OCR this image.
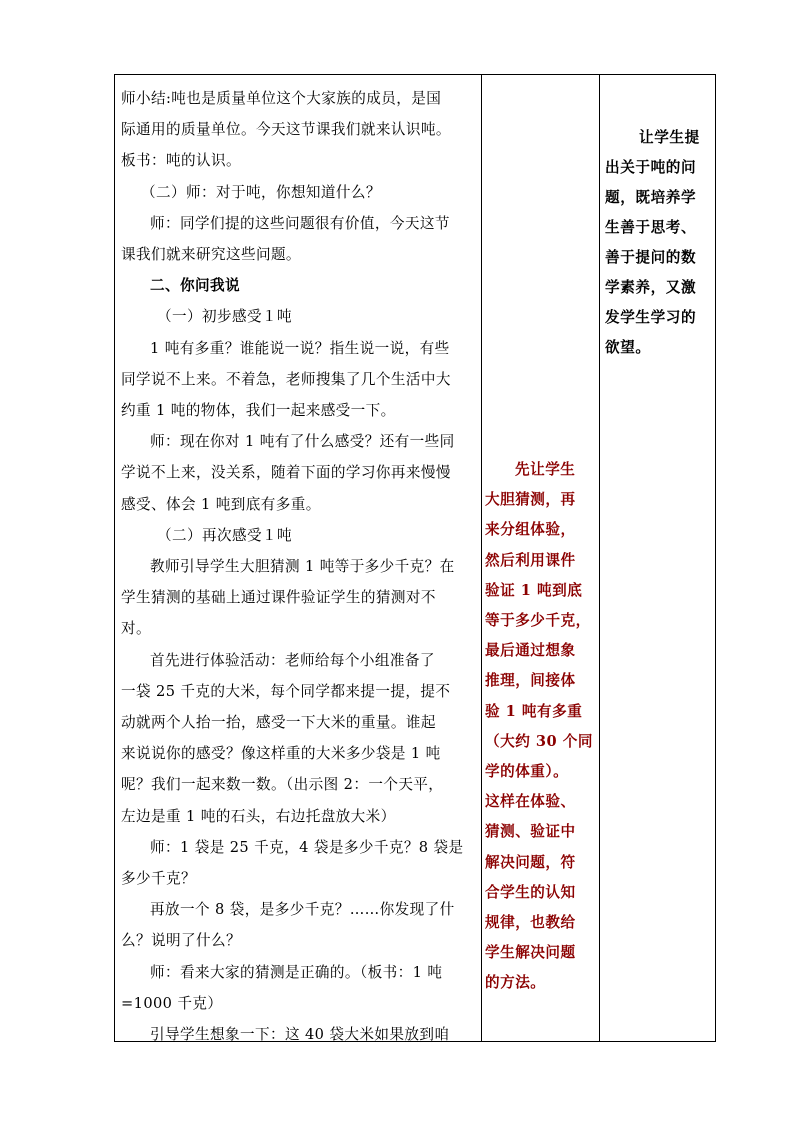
师小结:吨也是质量单位这个大家族的成员，是国

际通用的质量单位。今天这节课我们就来认识吨。

板书：吨的认识。

（二）师：对于吨，你想知道什么？

师：同学们提的这些问题很有价值，今天这节

课我们就来研究这些问题。

二、你问我说

（一）初步感受１吨

1 吨有多重？谁能说一说？指生说一说，有些

同学说不上来。不着急，老师搜集了几个生活中大

约重 1 吨的物体，我们一起来感受一下。

师：现在你对 1 吨有了什么感受？还有一些同

学说不上来，没关系，随着下面的学习你再来慢慢

感受、体会 1 吨到底有多重。

（二）再次感受１吨

教师引导学生大胆猜测 1 吨等于多少千克？在

学生猜测的基础上通过课件验证学生的猜测对不

对。

首先进行体验活动：老师给每个小组准备了

一袋 25 千克的大米，每个同学都来提一提，提不

动就两个人抬一抬，感受一下大米的重量。谁起

来说说你的感受？像这样重的大米多少袋是 1 吨

呢？我们一起来数一数。（出示图 2：一个天平，

左边是重 1 吨的石头，右边托盘放大米）

师：1 袋是 25 千克，4 袋是多少千克？8 袋是

多少千克？

再放一个 8 袋，是多少千克？……你发现了什

么？说明了什么？

师：看来大家的猜测是正确的。（板书：1 吨

=1000 千克）

引导学生想象一下：这 40 袋大米如果放到咱

先让学生
大胆猜测，再
来分组体验，
然后利用课件
验证 1 吨到底
等于多少千克，
最后通过想象
推理，间接体
验 1 吨有多重
（大约 30 个同
学的体重）。
这样在体验、
猜测、验证中
解决问题，符
合学生的认知
规律，也教给
学生解决问题
的方法。
让学生提
出关于吨的问
题，既培养学
生善于思考、
善于提问的数
学素养，又激
发学生学习的
欲望。
